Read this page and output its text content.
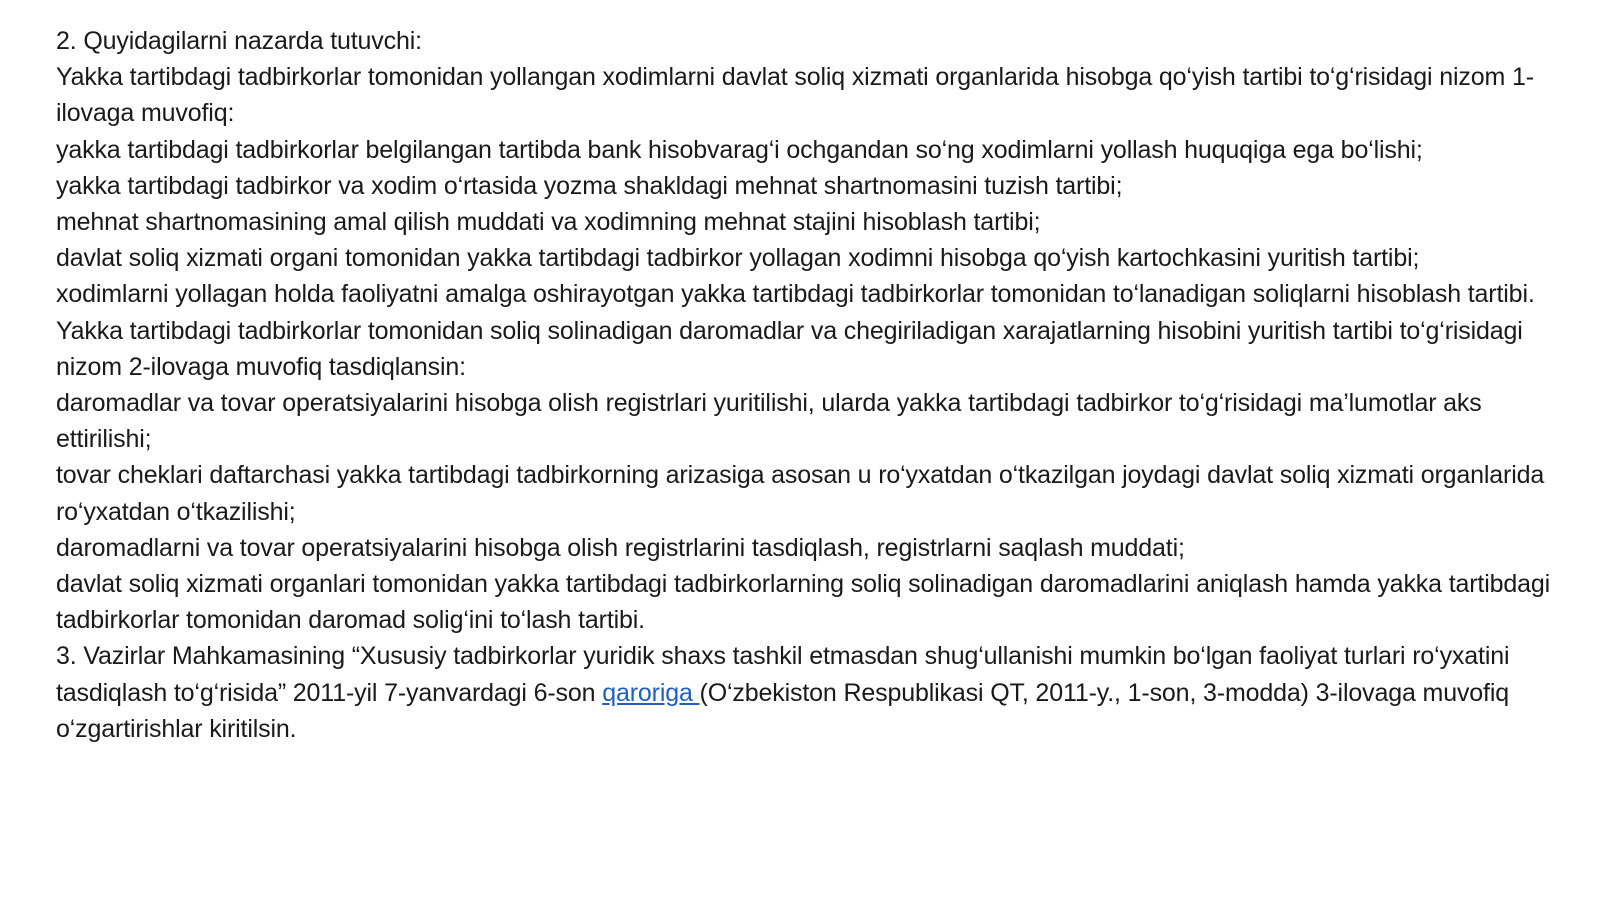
2. Quyidagilarni nazarda tutuvchi:

Yakka tartibdagi tadbirkorlar tomonidan yollangan xodimlarni davlat soliq xizmati organlarida hisobga qo‘yish tartibi to‘g‘risidagi nizom 1-ilovaga muvofiq:

yakka tartibdagi tadbirkorlar belgilangan tartibda bank hisobvarag‘i ochgandan so‘ng xodimlarni yollash huquqiga ega bo‘lishi;

yakka tartibdagi tadbirkor va xodim o‘rtasida yozma shakldagi mehnat shartnomasini tuzish tartibi;

mehnat shartnomasining amal qilish muddati va xodimning mehnat stajini hisoblash tartibi;

davlat soliq xizmati organi tomonidan yakka tartibdagi tadbirkor yollagan xodimni hisobga qo‘yish kartochkasini yuritish tartibi;

xodimlarni yollagan holda faoliyatni amalga oshirayotgan yakka tartibdagi tadbirkorlar tomonidan to‘lanadigan soliqlarni hisoblash tartibi.

Yakka tartibdagi tadbirkorlar tomonidan soliq solinadigan daromadlar va chegiriladigan xarajatlarning hisobini yuritish tartibi to‘g‘risidagi nizom 2-ilovaga muvofiq tasdiqlansin:

daromadlar va tovar operatsiyalarini hisobga olish registrlari yuritilishi, ularda yakka tartibdagi tadbirkor to‘g‘risidagi ma’lumotlar aks ettirilishi;

tovar cheklari daftarchasi yakka tartibdagi tadbirkorning arizasiga asosan u ro‘yxatdan o‘tkazilgan joydagi davlat soliq xizmati organlarida ro‘yxatdan o‘tkazilishi;

daromadlarni va tovar operatsiyalarini hisobga olish registrlarini tasdiqlash, registrlarni saqlash muddati;

davlat soliq xizmati organlari tomonidan yakka tartibdagi tadbirkorlarning soliq solinadigan daromadlarini aniqlash hamda yakka tartibdagi tadbirkorlar tomonidan daromad solig‘ini to‘lash tartibi.

3. Vazirlar Mahkamasining “Xususiy tadbirkorlar yuridik shaxs tashkil etmasdan shug‘ullanishi mumkin bo‘lgan faoliyat turlari ro‘yxatini tasdiqlash to‘g‘risida” 2011-yil 7-yanvardagi 6-son qaroriga (O‘zbekiston Respublikasi QT, 2011-y., 1-son, 3-modda) 3-ilovaga muvofiq o‘zgartirishlar kiritilsin.
